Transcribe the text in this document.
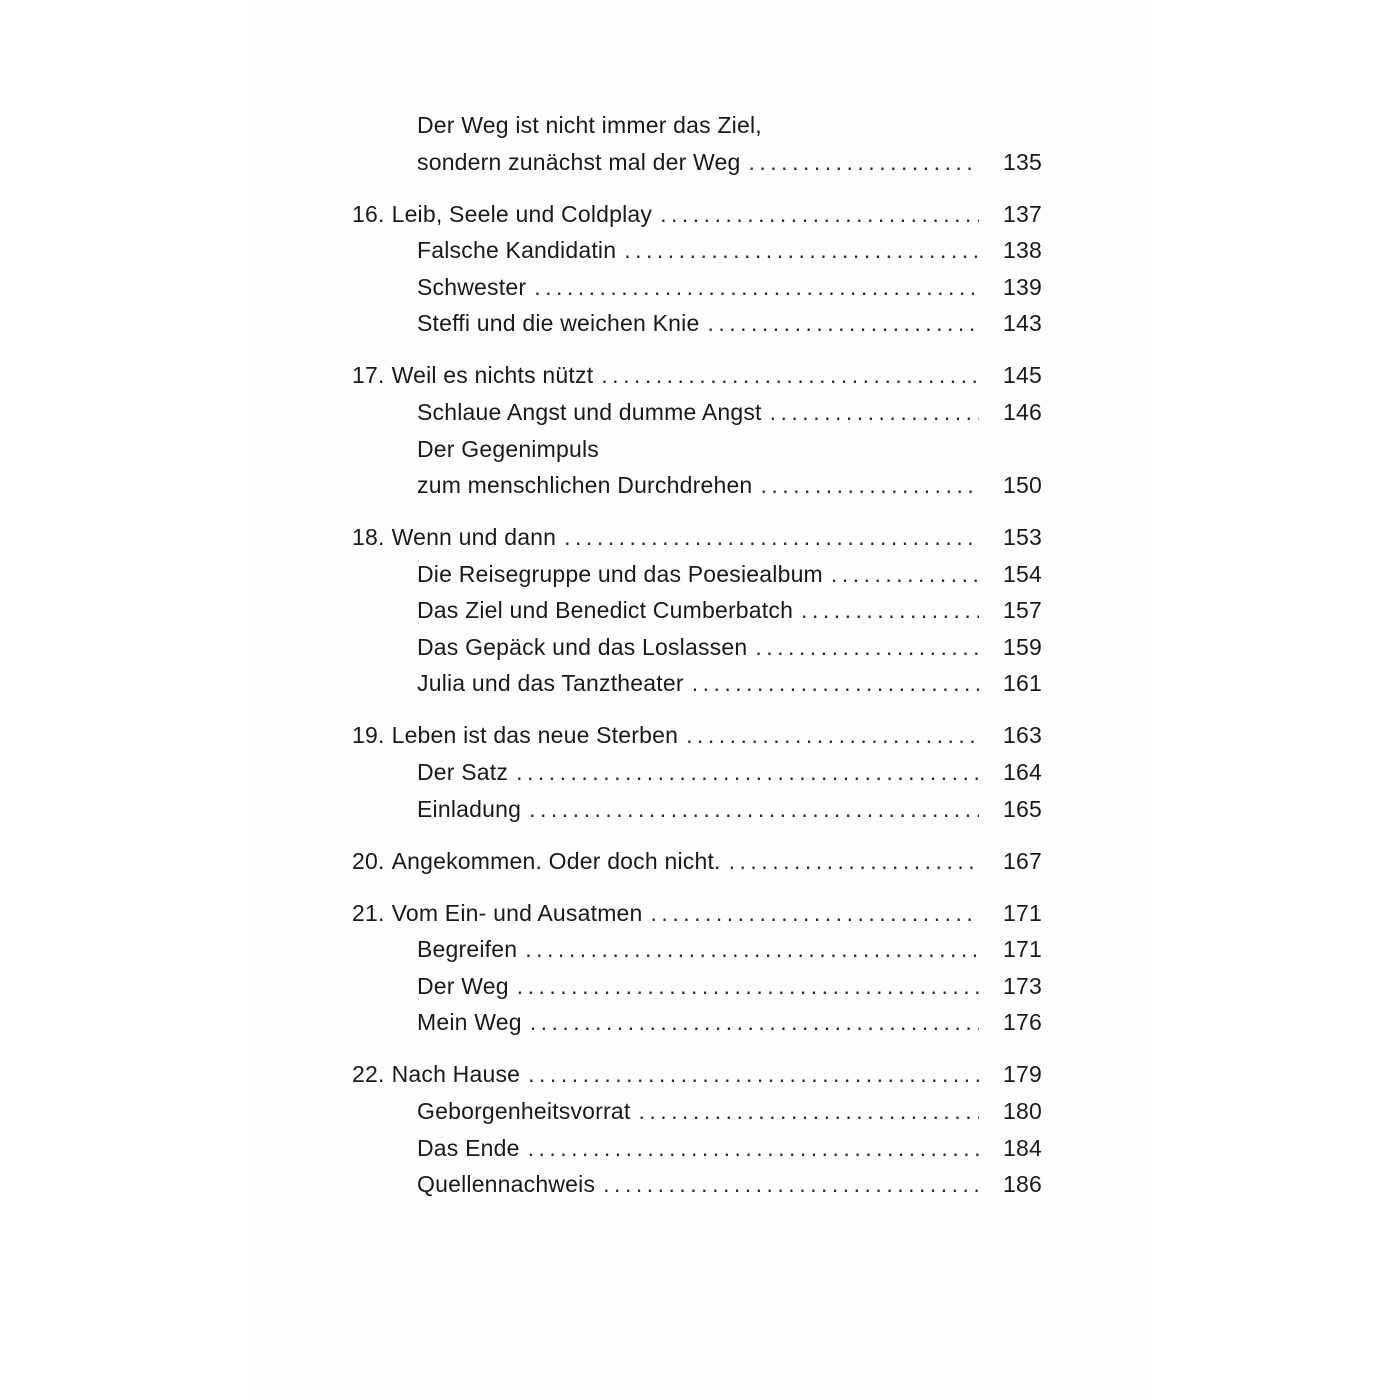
Der Weg ist nicht immer das Ziel,
sondern zunächst mal der Weg .....	135
16. Leib, Seele und Coldplay .....	137
Falsche Kandidatin .....	138
Schwester .....	139
Steffi und die weichen Knie .....	143
17. Weil es nichts nützt .....	145
Schlaue Angst und dumme Angst .....	146
Der Gegenimpuls
zum menschlichen Durchdrehen .....	150
18. Wenn und dann .....	153
Die Reisegruppe und das Poesiealbum .....	154
Das Ziel und Benedict Cumberbatch .....	157
Das Gepäck und das Loslassen .....	159
Julia und das Tanztheater .....	161
19. Leben ist das neue Sterben .....	163
Der Satz .....	164
Einladung .....	165
20. Angekommen. Oder doch nicht. .....	167
21. Vom Ein- und Ausatmen .....	171
Begreifen .....	171
Der Weg .....	173
Mein Weg .....	176
22. Nach Hause .....	179
Geborgenheitsvorrat .....	180
Das Ende .....	184
Quellennachweis .....	186
